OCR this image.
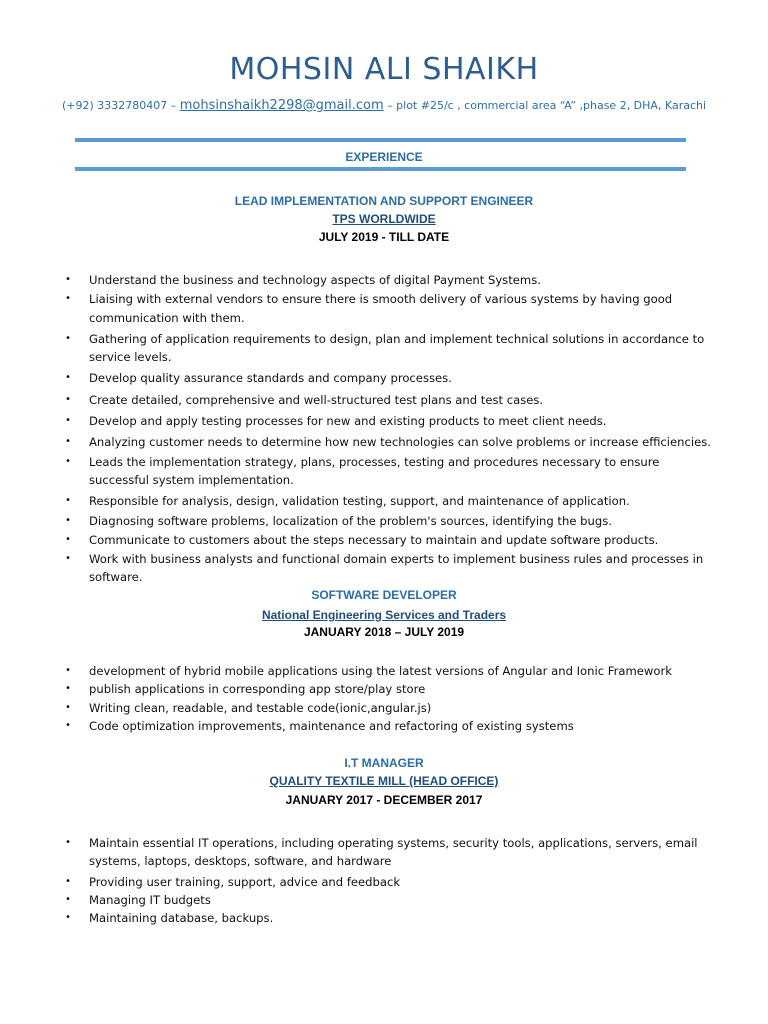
MOHSIN ALI SHAIKH
(+92) 3332780407 – mohsinshaikh2298@gmail.com – plot #25/c , commercial area “A” ,phase 2, DHA, Karachi
EXPERIENCE
LEAD IMPLEMENTATION AND SUPPORT ENGINEER
TPS WORLDWIDE
JULY 2019 - TILL DATE
• Understand the business and technology aspects of digital Payment Systems.
• Liaising with external vendors to ensure there is smooth delivery of various systems by having good communication with them.
• Gathering of application requirements to design, plan and implement technical solutions in accordance to service levels.
• Develop quality assurance standards and company processes.
• Create detailed, comprehensive and well-structured test plans and test cases.
• Develop and apply testing processes for new and existing products to meet client needs.
• Analyzing customer needs to determine how new technologies can solve problems or increase efficiencies.
• Leads the implementation strategy, plans, processes, testing and procedures necessary to ensure successful system implementation.
• Responsible for analysis, design, validation testing, support, and maintenance of application.
• Diagnosing software problems, localization of the problem's sources, identifying the bugs.
• Communicate to customers about the steps necessary to maintain and update software products.
• Work with business analysts and functional domain experts to implement business rules and processes in software.
SOFTWARE DEVELOPER
National Engineering Services and Traders
JANUARY 2018 – JULY 2019
• development of hybrid mobile applications using the latest versions of Angular and Ionic Framework
• publish applications in corresponding app store/play store
• Writing clean, readable, and testable code(ionic,angular.js)
• Code optimization improvements, maintenance and refactoring of existing systems
I.T MANAGER
QUALITY TEXTILE MILL (HEAD OFFICE)
JANUARY 2017 - DECEMBER 2017
• Maintain essential IT operations, including operating systems, security tools, applications, servers, email systems, laptops, desktops, software, and hardware
• Providing user training, support, advice and feedback
• Managing IT budgets
• Maintaining database, backups.
